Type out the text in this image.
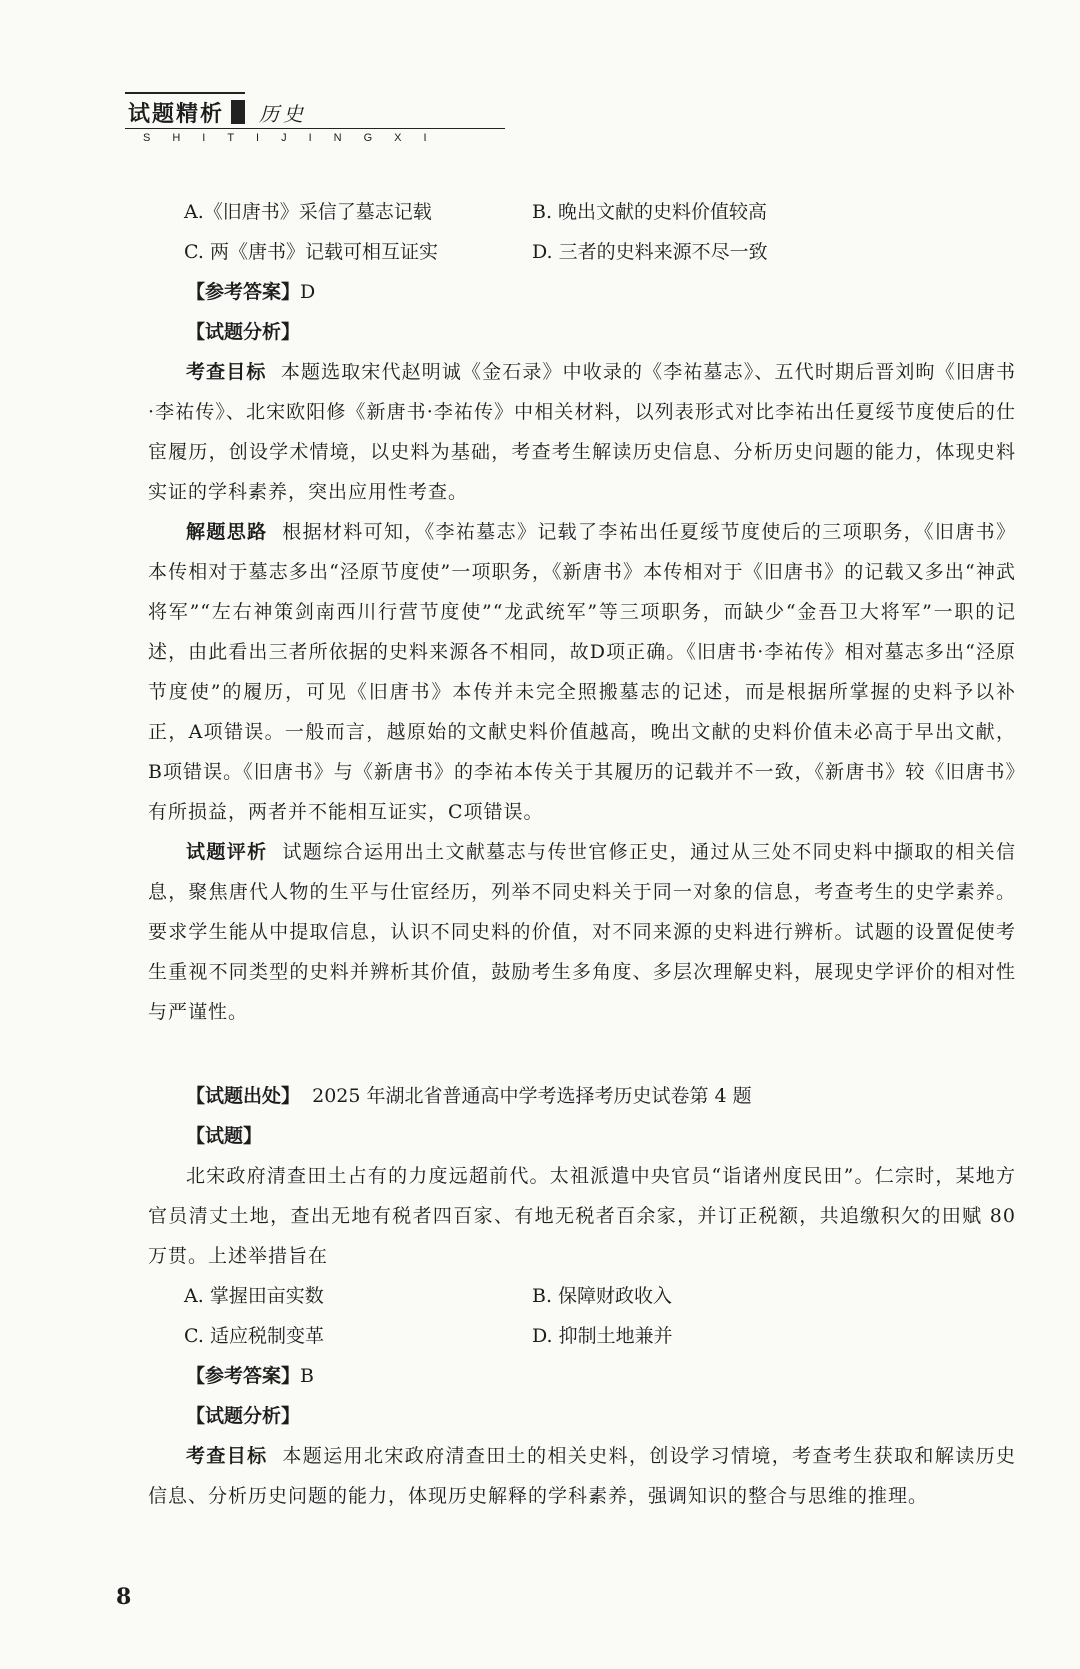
试题精析 历史
SHITIJINGXI
A.《旧唐书》采信了墓志记载	B. 晚出文献的史料价值较高
C. 两《唐书》记载可相互证实	D. 三者的史料来源不尽一致
【参考答案】D
【试题分析】

考查目标 本题选取宋代赵明诚《金石录》中收录的《李祐墓志》、五代时期后晋刘昫《旧唐书·李祐传》、北宋欧阳修《新唐书·李祐传》中相关材料，以列表形式对比李祐出任夏绥节度使后的仕宦履历，创设学术情境，以史料为基础，考查考生解读历史信息、分析历史问题的能力，体现史料实证的学科素养，突出应用性考查。

解题思路 根据材料可知，《李祐墓志》记载了李祐出任夏绥节度使后的三项职务，《旧唐书》本传相对于墓志多出“泾原节度使”一项职务，《新唐书》本传相对于《旧唐书》的记载又多出“神武将军”“左右神策剑南西川行营节度使”“龙武统军”等三项职务，而缺少“金吾卫大将军”一职的记述，由此看出三者所依据的史料来源各不相同，故D项正确。《旧唐书·李祐传》相对墓志多出“泾原节度使”的履历，可见《旧唐书》本传并未完全照搬墓志的记述，而是根据所掌握的史料予以补正，A项错误。一般而言，越原始的文献史料价值越高，晚出文献的史料价值未必高于早出文献，B项错误。《旧唐书》与《新唐书》的李祐本传关于其履历的记载并不一致，《新唐书》较《旧唐书》有所损益，两者并不能相互证实，C项错误。

试题评析 试题综合运用出土文献墓志与传世官修正史，通过从三处不同史料中撷取的相关信息，聚焦唐代人物的生平与仕宦经历，列举不同史料关于同一对象的信息，考查考生的史学素养。要求学生能从中提取信息，认识不同史料的价值，对不同来源的史料进行辨析。试题的设置促使考生重视不同类型的史料并辨析其价值，鼓励考生多角度、多层次理解史料，展现史学评价的相对性与严谨性。

【试题出处】 2025 年湖北省普通高中学考选择考历史试卷第 4 题
【试题】

北宋政府清查田土占有的力度远超前代。太祖派遣中央官员“诣诸州度民田”。仁宗时，某地方官员清丈土地，查出无地有税者四百家、有地无税者百余家，并订正税额，共追缴积欠的田赋 80 万贯。上述举措旨在

A. 掌握田亩实数	B. 保障财政收入
C. 适应税制变革	D. 抑制土地兼并
【参考答案】B
【试题分析】

考查目标 本题运用北宋政府清查田土的相关史料，创设学习情境，考查考生获取和解读历史信息、分析历史问题的能力，体现历史解释的学科素养，强调知识的整合与思维的推理。

8
